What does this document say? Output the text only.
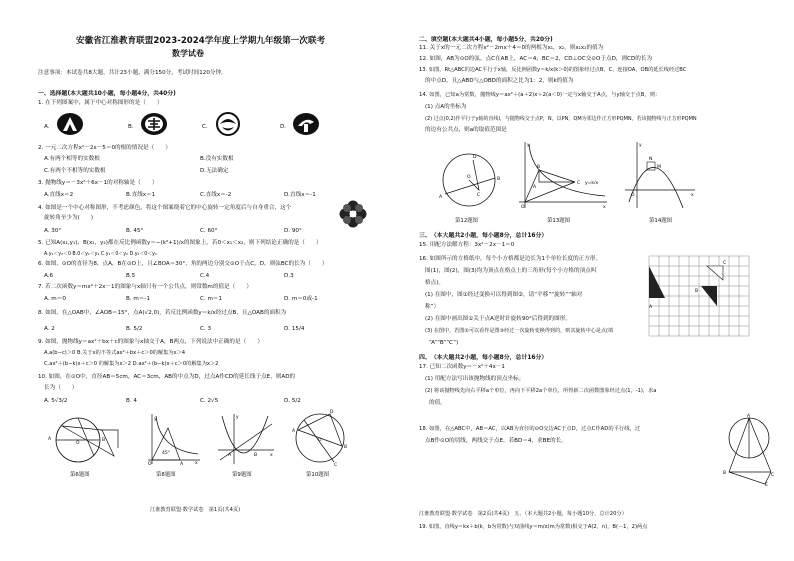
安徽省江淮教育联盟2023-2024学年度上学期九年级第一次联考
数学试卷
注意事项：本试卷共8大题，共计23小题，满分150分，考试时间120分钟。
一、选择题(本大题共10小题，每小题4分，共40分)
1. 在下列图案中，属于中心对称图形的是（　　）
A.	B.	C.	D.
2. 一元二次方程x²－2x－5＝0的根的情况是（　　）
A.有两个相等的实数根	B.没有实数根
C.有两个不相等的实数根	D.无法确定
3. 抛物线y＝－3x²＋6x－1的对称轴是（　　）
A.直线x＝2	B.直线x＝1	C.直线x＝-2	D.直线x＝-1
4. 如图是一个中心对称图形，不考虑颜色，将这个图案绕着它的中心旋转一定角度后与自身重合，这个
旋转角至少为(　　)
A. 30°	B. 45°	C. 60°	D. 90°
5. 已知A(x₁,y₁)，B(x₂，y₂)都在反比例函数y＝−(k²+1)/x的图象上，若0＜x₁＜x₂，则下列结论正确的是（　　）
A.y₁＜y₂＜0 B.0＜y₁＜y₂ C.y₁＜0＜y₂ D.y₂＜0＜y₁
6. 如图，⊙O的直径为8，点A，B在⊙O上，且∠BOA＝30°，角的两边分别交⊙O于点C，D，则弦BC的长为（　　）
A.6	B.5	C.4	D.3
7. 若二次函数y＝mx²＋2x－1的图象与x轴只有一个公共点，则常数m的值是（　　）
A. m＝0	B. m＝-1	C. m＝1	D. m＝0或-1
8. 如图，在△OAB中，∠AOB＝15°，点A(√2,0)，若反比例函数y＝k/x经过点B，且△OAB的面积为
A. 2	B. 5/2	C. 3	D. 15/4
9. 如图，抛物线y＝ax²＋bx＋c的图象与x轴交于A，B两点，下列说法中正确的是（　　）
A.a(b−c)＞0 B.关于x的不等式ax²＋bx＋c＞0的解集为x＞4
C.ax²＋(b−k)x＋c＞0 的解集为x＞2 D.ax²＋(b−k)x＋c＞0的解集为x＞2
10. 如图，在⊙O中，直径AB＝5cm，AC＝3cm，AB的中点为D，过点A作CD的延长线于点E，则AD的
长为（　　）
A. 5√3/2	B. 4	C. 2√5	D. 5/2
A
O
B
y
x
45°
O	A
y
x
A	B
A
B
D
O
C
第6题图	第8题图	第9题图	第10题图
江淮教育联盟·数学试卷　第1页(共4页)
二、填空题(本大题共4小题，每小题5分，共20分)
11. 关于x的一元二次方程x²－2mx＋4＝0的两根为x₁，x₂，则x₁x₂的值为
12. 如图，AB为⊙O的弦，点C在AB上，AC＝4，BC＝2，CD⊥OC交⊙O于点D，则CD的长为
13. 如图，Rt△ABC的边AC平行于x轴，反比例函数y＝k/x(k＞0)的图象经过点B，C，连接OA，OB的延长线经过BC
的中点D，且△ABD与△OBD的面积之比为1：2，则k的值为
14. 如图，已知a为常数，抛物线y＝ax²＋(a＋2)x＋2(a＜0)一定与x轴交于A点，与y轴交于点B，则：
(1) 点A的坐标为
(2) 过点(0,2)作平行于y轴的直线l，与抛物线交于点P，N，以PN，QM为邻边作正方形PQMN，若该抛物线与正方形PQMN
的边有公共点，则a的取值范围是
A
B
O
C
D
y
x
B
C
A
O
y=k/x
y
x
N
M
O
第12题图	第13题图	第14题图
三、（本大题共2小题，每小题8分，总计16分）
15. 用配方法解方程：3x²－2x－1＝0
16. 如图所示的方格纸中，每个小方格都是边长为1个单位长度的正方形。
图(1)，图(2)，图(3)均为顶点在格点上的三角形(每个小方格的顶点叫
格点)。
(1) 在图中，图①经过变换可以得到图②，请“平移”“旋转”“轴对
称”）
(2) 在图中画出图①关于点A逆时针旋转90°后得到的图形。
(3) 在图中，若图②可以看作是图③经过一次旋转变换得到的，则其旋转中心是点(填
“A”“B”“C”)
A
B
C
四、（本大题共2小题，每小题8分，总计16分）
17. 已知二次函数y＝－x²＋4x－1
(1) 用配方法写出该抛物线的顶点坐标；
(2) 将该抛物线先向右平移a个单位，再向下平移2a个单位，所得新二次函数图象经过点(1，-1)，求a
的值。
18. 如图，在△ABC中，AB＝AC，以AB为直径的⊙O交边AC于点D，过点C作AD的平行线，过
点B作⊙O的切线，两线交于点E。若BD＝4，求BE的长。
A
B	C
E
江淮教育联盟·数学试卷　第2页(共4页)　五、（本大题共2小题，每小题10分，总计20分）
19. 如图，直线y＝kx＋b(k，b为常数)与双曲线y＝m/x(m为常数)相交于A(2，n)，B(－1，2)两点
